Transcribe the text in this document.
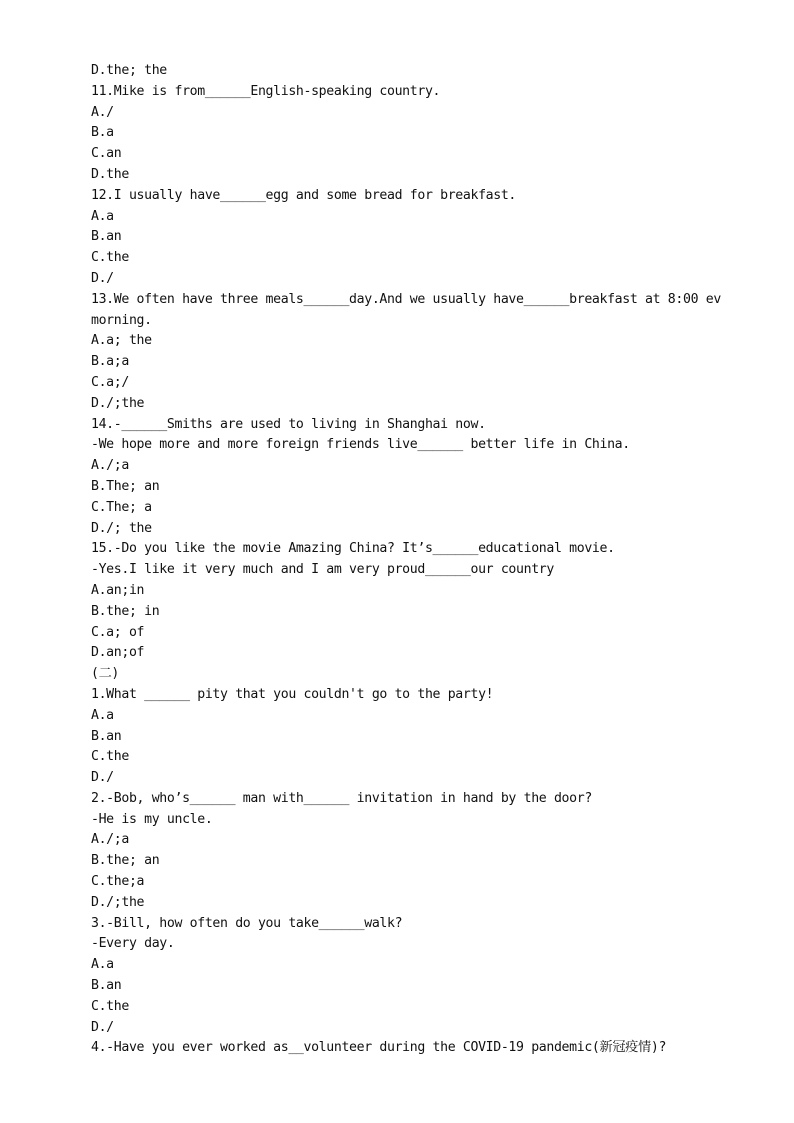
D.the; the
11.Mike is from______English-speaking country.
A./
B.a
C.an
D.the
12.I usually have______egg and some bread for breakfast.
A.a
B.an
C.the
D./
13.We often have three meals______day.And we usually have______breakfast at 8:00 ev
morning.
A.a; the
B.a;a
C.a;/
D./;the
14.-______Smiths are used to living in Shanghai now.
-We hope more and more foreign friends live______ better life in China.
A./;a
B.The; an
C.The; a
D./; the
15.-Do you like the movie Amazing China? It’s______educational movie.
-Yes.I like it very much and I am very proud______our country
A.an;in
B.the; in
C.a; of
D.an;of
(二)
1.What ______ pity that you couldn't go to the party!
A.a
B.an
C.the
D./
2.-Bob, who’s______ man with______ invitation in hand by the door?
-He is my uncle.
A./;a
B.the; an
C.the;a
D./;the
3.-Bill, how often do you take______walk?
-Every day.
A.a
B.an
C.the
D./
4.-Have you ever worked as__volunteer during the COVID-19 pandemic(新冠疫情)?
